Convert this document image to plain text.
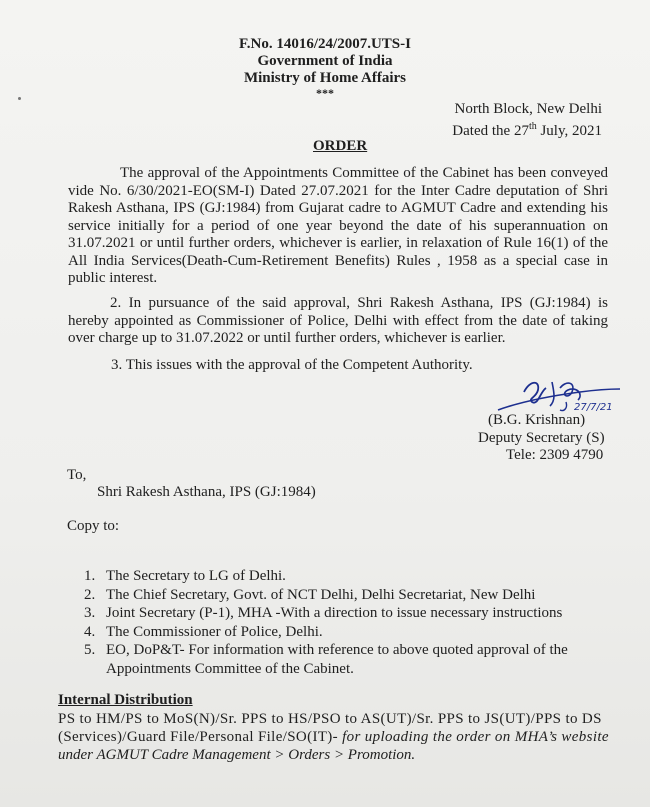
F.No. 14016/24/2007.UTS-I
Government of India
Ministry of Home Affairs
***
North Block, New Delhi
Dated the 27th July, 2021
ORDER
The approval of the Appointments Committee of the Cabinet has been conveyed vide No. 6/30/2021-EO(SM-I) Dated 27.07.2021 for the Inter Cadre deputation of Shri Rakesh Asthana, IPS (GJ:1984) from Gujarat cadre to AGMUT Cadre and extending his service initially for a period of one year beyond the date of his superannuation on 31.07.2021 or until further orders, whichever is earlier, in relaxation of Rule 16(1) of the All India Services(Death-Cum-Retirement Benefits) Rules , 1958 as a special case in public interest.
2. In pursuance of the said approval, Shri Rakesh Asthana, IPS (GJ:1984) is hereby appointed as Commissioner of Police, Delhi with effect from the date of taking over charge up to 31.07.2022 or until further orders, whichever is earlier.
3. This issues with the approval of the Competent Authority.
27/7/21
(B.G. Krishnan)
Deputy Secretary (S)
Tele: 2309 4790
To,
Shri Rakesh Asthana, IPS (GJ:1984)
Copy to:
1. The Secretary to LG of Delhi.
2. The Chief Secretary, Govt. of NCT Delhi, Delhi Secretariat, New Delhi
3. Joint Secretary (P-1), MHA -With a direction to issue necessary instructions
4. The Commissioner of Police, Delhi.
5. EO, DoP&T- For information with reference to above quoted approval of the
Appointments Committee of the Cabinet.
Internal Distribution
PS to HM/PS to MoS(N)/Sr. PPS to HS/PSO to AS(UT)/Sr. PPS to JS(UT)/PPS to DS
(Services)/Guard File/Personal File/SO(IT)- for uploading the order on MHA’s website
under AGMUT Cadre Management > Orders > Promotion.
